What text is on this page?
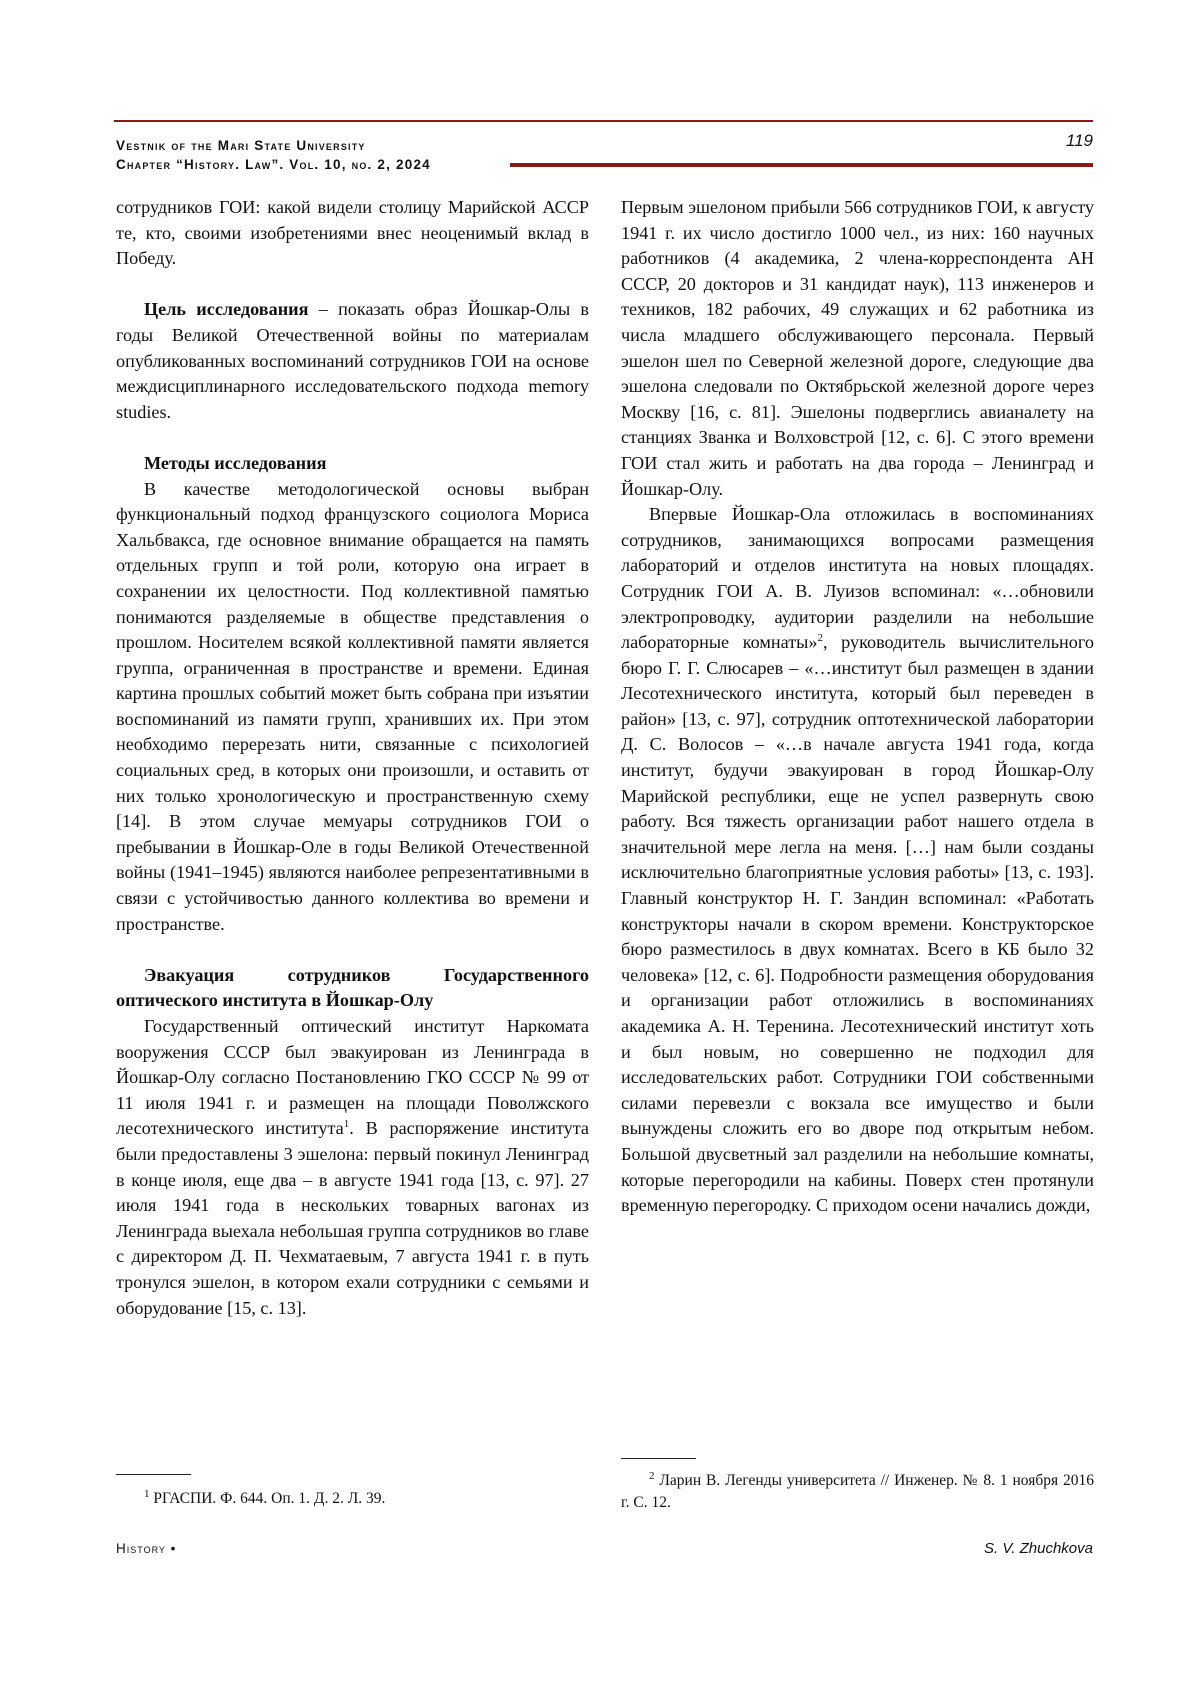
Vestnik of the Mari State University
Chapter “History. Law”. Vol. 10, no. 2, 2024
119

сотрудников ГОИ: какой видели столицу Марийской АССР те, кто, своими изобретениями внес неоценимый вклад в Победу.

Цель исследования – показать образ Йошкар-Олы в годы Великой Отечественной войны по материалам опубликованных воспоминаний сотрудников ГОИ на основе междисциплинарного исследовательского подхода memory studies.

Методы исследования

В качестве методологической основы выбран функциональный подход французского социолога Мориса Хальбвакса, где основное внимание обращается на память отдельных групп и той роли, которую она играет в сохранении их целостности. Под коллективной памятью понимаются разделяемые в обществе представления о прошлом. Носителем всякой коллективной памяти является группа, ограниченная в пространстве и времени. Единая картина прошлых событий может быть собрана при изъятии воспоминаний из памяти групп, хранивших их. При этом необходимо перерезать нити, связанные с психологией социальных сред, в которых они произошли, и оставить от них только хронологическую и пространственную схему [14]. В этом случае мемуары сотрудников ГОИ о пребывании в Йошкар-Оле в годы Великой Отечественной войны (1941–1945) являются наиболее репрезентативными в связи с устойчивостью данного коллектива во времени и пространстве.

Эвакуация сотрудников Государственного оптического института в Йошкар-Олу

Государственный оптический институт Наркомата вооружения СССР был эвакуирован из Ленинграда в Йошкар-Олу согласно Постановлению ГКО СССР № 99 от 11 июля 1941 г. и размещен на площади Поволжского лесотехнического института$^1$. В распоряжение института были предоставлены 3 эшелона: первый покинул Ленинград в конце июля, еще два – в августе 1941 года [13, с. 97]. 27 июля 1941 года в нескольких товарных вагонах из Ленинграда выехала небольшая группа сотрудников во главе с директором Д. П. Чехматаевым, 7 августа 1941 г. в путь тронулся эшелон, в котором ехали сотрудники с семьями и оборудование [15, с. 13].

Первым эшелоном прибыли 566 сотрудников ГОИ, к августу 1941 г. их число достигло 1000 чел., из них: 160 научных работников (4 академика, 2 члена-корреспондента АН СССР, 20 докторов и 31 кандидат наук), 113 инженеров и техников, 182 рабочих, 49 служащих и 62 работника из числа младшего обслуживающего персонала. Первый эшелон шел по Северной железной дороге, следующие два эшелона следовали по Октябрьской железной дороге через Москву [16, с. 81]. Эшелоны подверглись авианалету на станциях Званка и Волховстрой [12, с. 6]. С этого времени ГОИ стал жить и работать на два города – Ленинград и Йошкар-Олу.

Впервые Йошкар-Ола отложилась в воспоминаниях сотрудников, занимающихся вопросами размещения лабораторий и отделов института на новых площадях. Сотрудник ГОИ А. В. Луизов вспоминал: «…обновили электропроводку, аудитории разделили на небольшие лабораторные комнаты»$^2$, руководитель вычислительного бюро Г. Г. Слюсарев – «…институт был размещен в здании Лесотехнического института, который был переведен в район» [13, с. 97], сотрудник оптотехнической лаборатории Д. С. Волосов – «…в начале августа 1941 года, когда институт, будучи эвакуирован в город Йошкар-Олу Марийской республики, еще не успел развернуть свою работу. Вся тяжесть организации работ нашего отдела в значительной мере легла на меня. […] нам были созданы исключительно благоприятные условия работы» [13, с. 193]. Главный конструктор Н. Г. Зандин вспоминал: «Работать конструкторы начали в скором времени. Конструкторское бюро разместилось в двух комнатах. Всего в КБ было 32 человека» [12, с. 6]. Подробности размещения оборудования и организации работ отложились в воспоминаниях академика А. Н. Теренина. Лесотехнический институт хоть и был новым, но совершенно не подходил для исследовательских работ. Сотрудники ГОИ собственными силами перевезли с вокзала все имущество и были вынуждены сложить его во дворе под открытым небом. Большой двусветный зал разделили на небольшие комнаты, которые перегородили на кабины. Поверх стен протянули временную перегородку. С приходом осени начались дожди,

$^1$ РГАСПИ. Ф. 644. Оп. 1. Д. 2. Л. 39.
$^2$ Ларин В. Легенды университета // Инженер. № 8. 1 ноября 2016 г. С. 12.
History •	S. V. Zhuchkova
